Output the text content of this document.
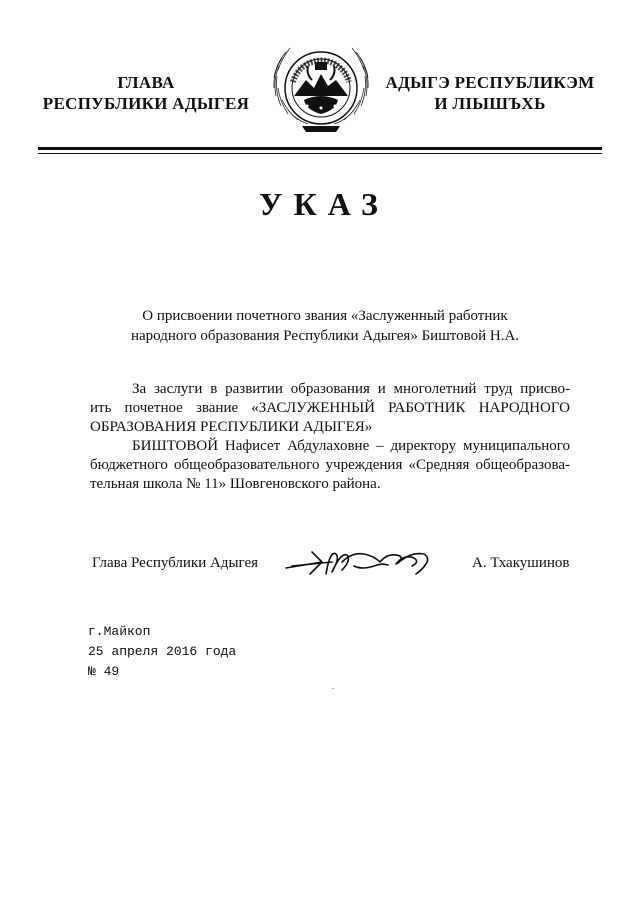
ГЛАВА
РЕСПУБЛИКИ АДЫГЕЯ
АДЫГЭ РЕСПУБЛИКЭМ
И ЛІЫШЪХЬ
УКАЗ
О присвоении почетного звания «Заслуженный работник
народного образования Республики Адыгея» Биштовой Н.А.
За заслуги в развитии образования и многолетний труд присво-
ить почетное звание «ЗАСЛУЖЕННЫЙ РАБОТНИК НАРОДНОГО
ОБРАЗОВАНИЯ РЕСПУБЛИКИ АДЫГЕЯ»
БИШТОВОЙ Нафисет Абдулаховне – директору муниципального
бюджетного общеобразовательного учреждения «Средняя общеобразова-
тельная школа № 11» Шовгеновского района.
Глава Республики Адыгея	А. Тхакушинов
г.Майкоп
25 апреля 2016 года
№ 49
